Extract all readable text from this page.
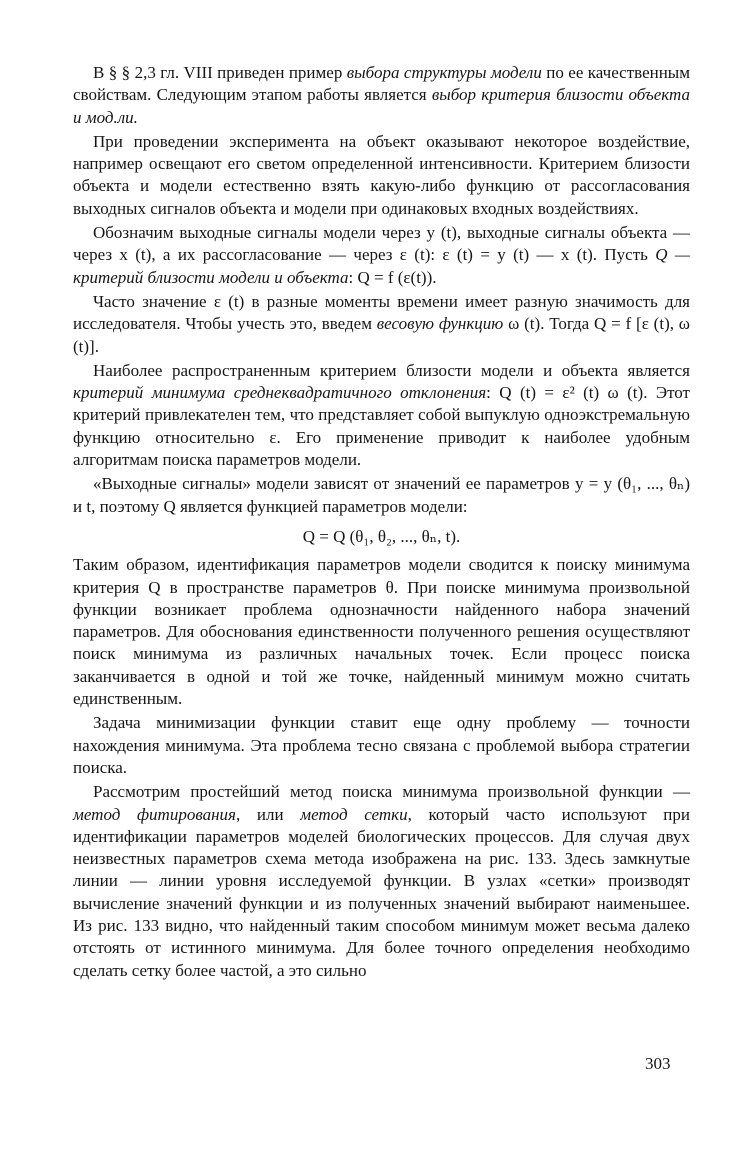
В § § 2,3 гл. VIII приведен пример выбора структуры модели по ее качественным свойствам. Следующим этапом работы является выбор критерия близости объекта и мод.ли.

При проведении эксперимента на объект оказывают некоторое воздействие, например освещают его светом определенной интенсивности. Критерием близости объекта и модели естественно взять какую-либо функцию от рассогласования выходных сигналов объекта и модели при одинаковых входных воздействиях.

Обозначим выходные сигналы модели через y (t), выходные сигналы объекта — через x (t), а их рассогласование — через ε (t): ε (t) = y (t) — x (t). Пусть Q — критерий близости модели и объекта: Q = f (ε(t)).

Часто значение ε (t) в разные моменты времени имеет разную значимость для исследователя. Чтобы учесть это, введем весовую функцию ω (t). Тогда Q = f [ε (t), ω (t)].

Наиболее распространенным критерием близости модели и объекта является критерий минимума среднеквадратичного отклонения: Q (t) = ε² (t) ω (t). Этот критерий привлекателен тем, что представляет собой выпуклую одноэкстремальную функцию относительно ε. Его применение приводит к наиболее удобным алгоритмам поиска параметров модели.

«Выходные сигналы» модели зависят от значений ее параметров y = y (θ₁, ..., θₙ) и t, поэтому Q является функцией параметров модели:

Q = Q (θ₁, θ₂, ..., θₙ, t).

Таким образом, идентификация параметров модели сводится к поиску минимума критерия Q в пространстве параметров θ. При поиске минимума произвольной функции возникает проблема однозначности найденного набора значений параметров. Для обоснования единственности полученного решения осуществляют поиск минимума из различных начальных точек. Если процесс поиска заканчивается в одной и той же точке, найденный минимум можно считать единственным.

Задача минимизации функции ставит еще одну проблему — точности нахождения минимума. Эта проблема тесно связана с проблемой выбора стратегии поиска.

Рассмотрим простейший метод поиска минимума произвольной функции — метод фитирования, или метод сетки, который часто используют при идентификации параметров моделей биологических процессов. Для случая двух неизвестных параметров схема метода изображена на рис. 133. Здесь замкнутые линии — линии уровня исследуемой функции. В узлах «сетки» производят вычисление значений функции и из полученных значений выбирают наименьшее. Из рис. 133 видно, что найденный таким способом минимум может весьма далеко отстоять от истинного минимума. Для более точного определения необходимо сделать сетку более частой, а это сильно

303
